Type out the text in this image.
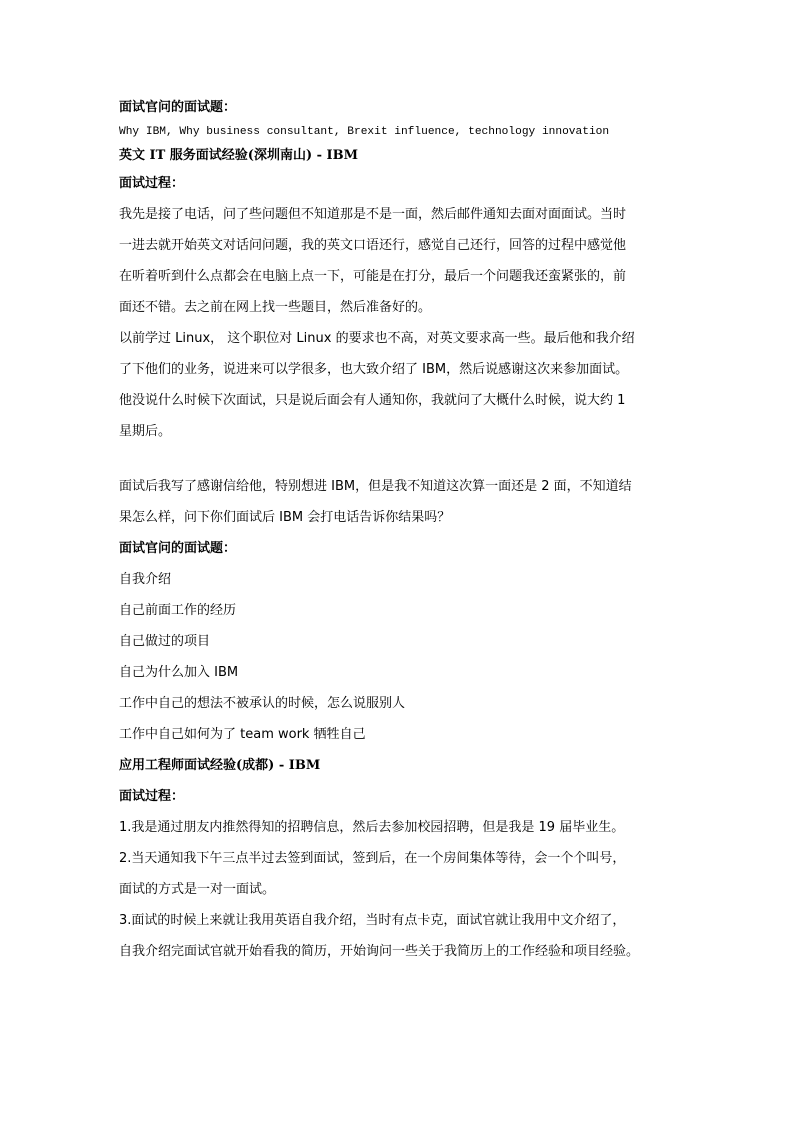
面试官问的面试题：

Why IBM, Why business consultant, Brexit influence, technology innovation

英文 IT 服务面试经验(深圳南山) - IBM

面试过程：

我先是接了电话，问了些问题但不知道那是不是一面，然后邮件通知去面对面面试。当时

一进去就开始英文对话问问题，我的英文口语还行，感觉自己还行，回答的过程中感觉他

在听着听到什么点都会在电脑上点一下，可能是在打分，最后一个问题我还蛮紧张的，前

面还不错。去之前在网上找一些题目，然后准备好的。

以前学过 Linux， 这个职位对 Linux 的要求也不高，对英文要求高一些。最后他和我介绍

了下他们的业务，说进来可以学很多，也大致介绍了 IBM，然后说感谢这次来参加面试。

他没说什么时候下次面试，只是说后面会有人通知你，我就问了大概什么时候，说大约 1

星期后。

面试后我写了感谢信给他，特别想进 IBM，但是我不知道这次算一面还是 2 面，不知道结

果怎么样，问下你们面试后 IBM 会打电话告诉你结果吗？

面试官问的面试题：

自我介绍

自己前面工作的经历

自己做过的项目

自己为什么加入 IBM

工作中自己的想法不被承认的时候，怎么说服别人

工作中自己如何为了 team work 牺牲自己

应用工程师面试经验(成都) - IBM

面试过程：

1.我是通过朋友内推然得知的招聘信息，然后去参加校园招聘，但是我是 19 届毕业生。

2.当天通知我下午三点半过去签到面试，签到后，在一个房间集体等待，会一个个叫号，

面试的方式是一对一面试。

3.面试的时候上来就让我用英语自我介绍，当时有点卡克，面试官就让我用中文介绍了，

自我介绍完面试官就开始看我的简历，开始询问一些关于我简历上的工作经验和项目经验。
